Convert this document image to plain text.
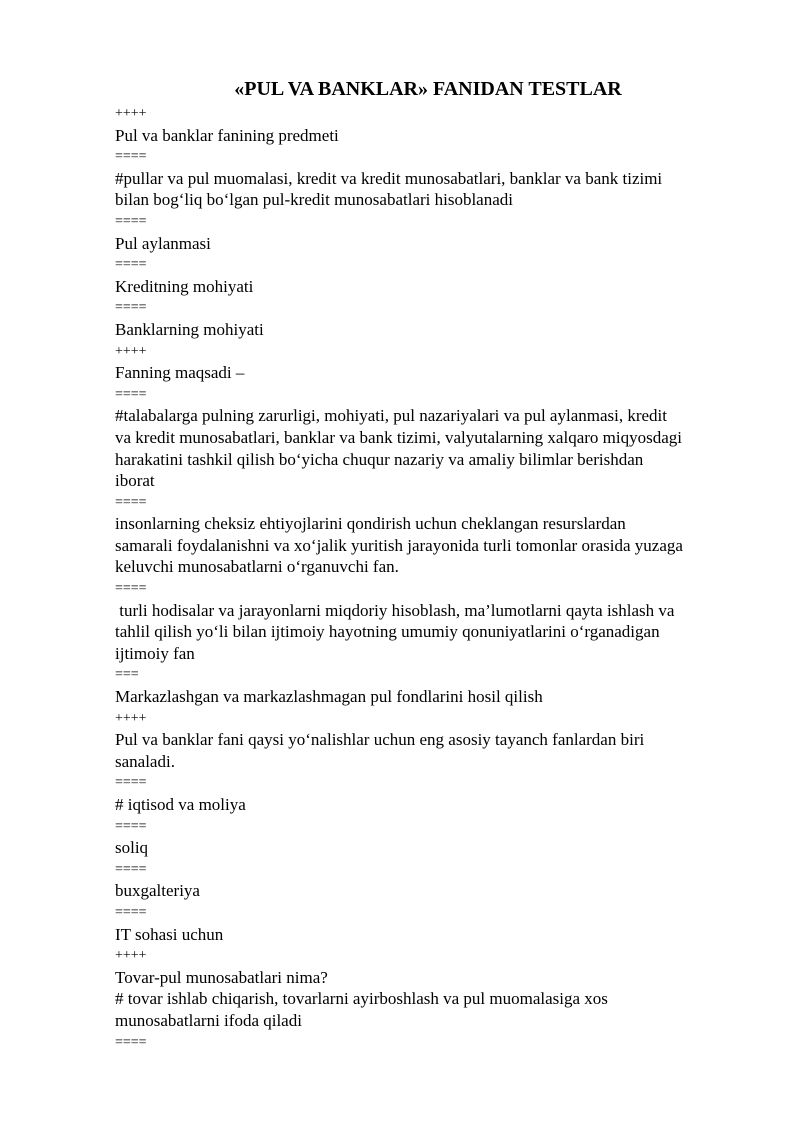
«PUL VA BANKLAR» FANIDAN TESTLAR

++++

Pul va banklar fanining predmeti

====

#pullar va pul muomalasi, kredit va kredit munosabatlari, banklar va bank tizimi

bilan bog‘liq bo‘lgan pul-kredit munosabatlari hisoblanadi

====

Pul aylanmasi

====

Kreditning mohiyati

====

Banklarning mohiyati

++++

Fanning maqsadi –

====

#talabalarga pulning zarurligi, mohiyati, pul nazariyalari va pul aylanmasi, kredit

va kredit munosabatlari, banklar va bank tizimi, valyutalarning xalqaro miqyosdagi

harakatini tashkil qilish bo‘yicha chuqur nazariy va amaliy bilimlar berishdan

iborat

====

insonlarning cheksiz ehtiyojlarini qondirish uchun cheklangan resurslardan

samarali foydalanishni va xo‘jalik yuritish jarayonida turli tomonlar orasida yuzaga

keluvchi munosabatlarni o‘rganuvchi fan.

====

turli hodisalar va jarayonlarni miqdoriy hisoblash, ma’lumotlarni qayta ishlash va

tahlil qilish yo‘li bilan ijtimoiy hayotning umumiy qonuniyatlarini o‘rganadigan

ijtimoiy fan

===

Markazlashgan va markazlashmagan pul fondlarini hosil qilish

++++

Pul va banklar fani qaysi yo‘nalishlar uchun eng asosiy tayanch fanlardan biri

sanaladi.

====

# iqtisod va moliya

====

soliq

====

buxgalteriya

====

IT sohasi uchun

++++

Tovar-pul munosabatlari nima?

# tovar ishlab chiqarish, tovarlarni ayirboshlash va pul muomalasiga xos

munosabatlarni ifoda qiladi

====
